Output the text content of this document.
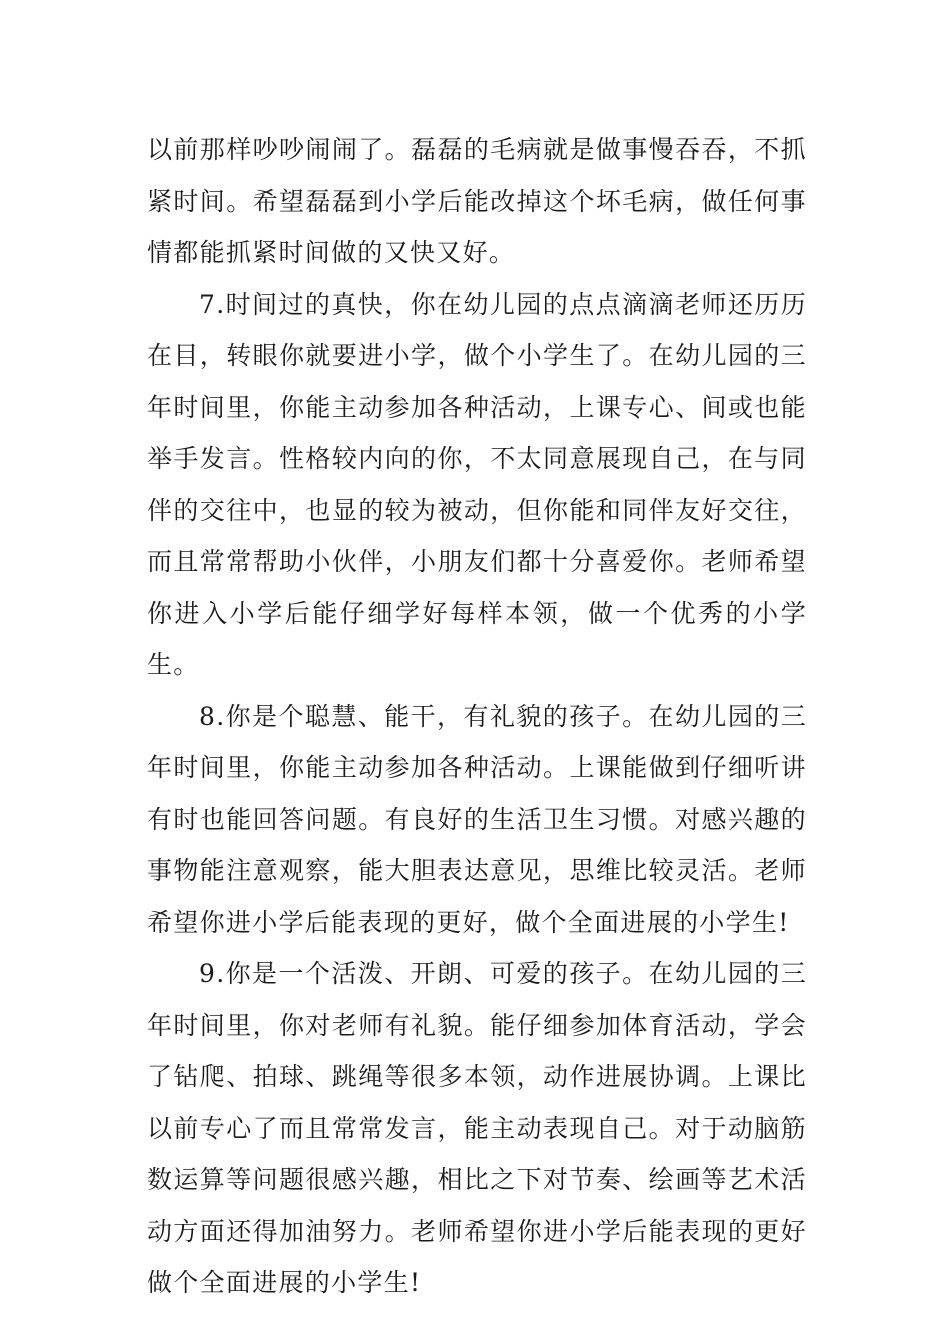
以前那样吵吵闹闹了。磊磊的毛病就是做事慢吞吞，不抓紧时间。希望磊磊到小学后能改掉这个坏毛病，做任何事情都能抓紧时间做的又快又好。

7.时间过的真快，你在幼儿园的点点滴滴老师还历历在目，转眼你就要进小学，做个小学生了。在幼儿园的三年时间里，你能主动参加各种活动，上课专心、间或也能举手发言。性格较内向的你，不太同意展现自己，在与同伴的交往中，也显的较为被动，但你能和同伴友好交往，而且常常帮助小伙伴，小朋友们都十分喜爱你。老师希望你进入小学后能仔细学好每样本领，做一个优秀的小学生。

8.你是个聪慧、能干，有礼貌的孩子。在幼儿园的三年时间里，你能主动参加各种活动。上课能做到仔细听讲有时也能回答问题。有良好的生活卫生习惯。对感兴趣的事物能注意观察，能大胆表达意见，思维比较灵活。老师希望你进小学后能表现的更好，做个全面进展的小学生!

9.你是一个活泼、开朗、可爱的孩子。在幼儿园的三年时间里，你对老师有礼貌。能仔细参加体育活动，学会了钻爬、拍球、跳绳等很多本领，动作进展协调。上课比以前专心了而且常常发言，能主动表现自己。对于动脑筋数运算等问题很感兴趣，相比之下对节奏、绘画等艺术活动方面还得加油努力。老师希望你进小学后能表现的更好做个全面进展的小学生!
